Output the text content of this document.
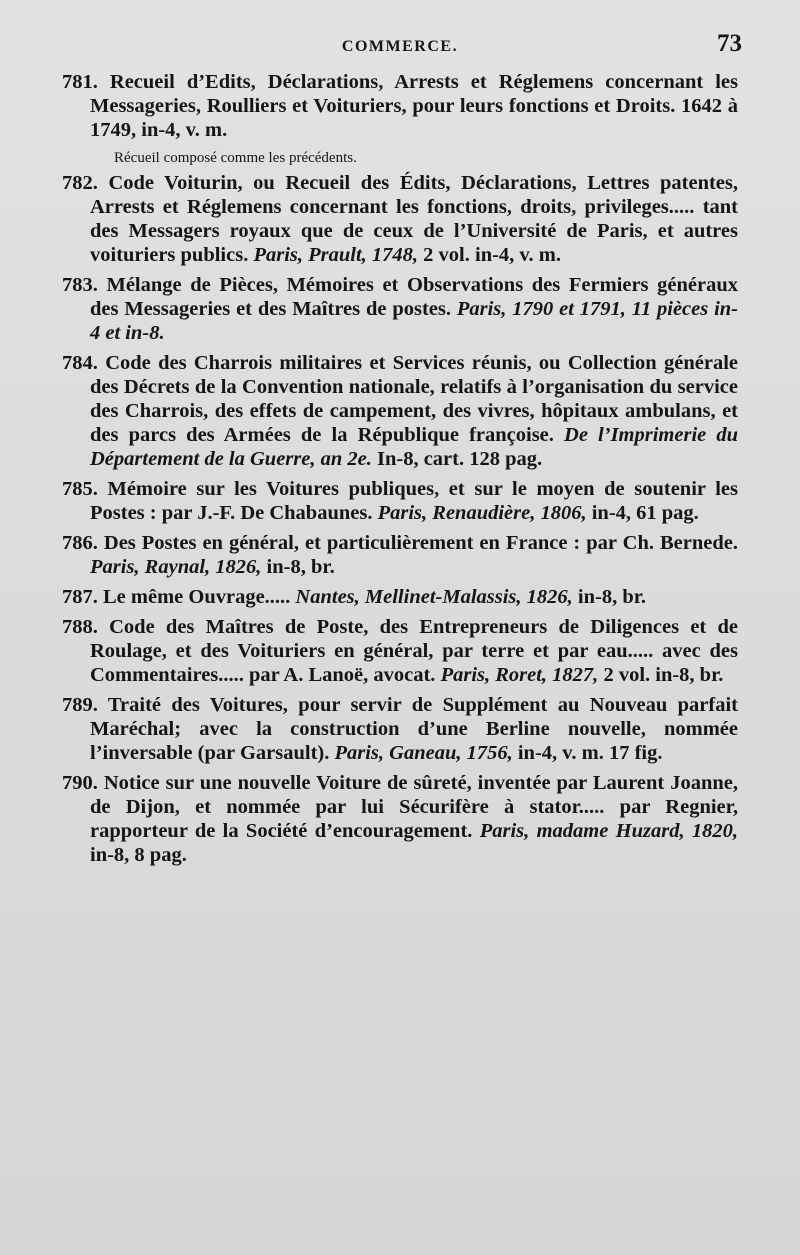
COMMERCE.	73
781. Recueil d’Edits, Déclarations, Arrests et Réglemens concernant les Messageries, Roulliers et Voituriers, pour leurs fonctions et Droits. 1642 à 1749, in-4, v. m.
Récueil composé comme les précédents.
782. Code Voiturin, ou Recueil des Édits, Déclarations, Lettres patentes, Arrests et Réglemens concernant les fonctions, droits, privileges..... tant des Messagers royaux que de ceux de l’Université de Paris, et autres voituriers publics. Paris, Prault, 1748, 2 vol. in-4, v. m.
783. Mélange de Pièces, Mémoires et Observations des Fermiers généraux des Messageries et des Maîtres de postes. Paris, 1790 et 1791, 11 pièces in-4 et in-8.
784. Code des Charrois militaires et Services réunis, ou Collection générale des Décrets de la Convention nationale, relatifs à l’organisation du service des Charrois, des effets de campement, des vivres, hôpitaux ambulans, et des parcs des Armées de la République françoise. De l’Imprimerie du Département de la Guerre, an 2e. In-8, cart. 128 pag.
785. Mémoire sur les Voitures publiques, et sur le moyen de soutenir les Postes : par J.-F. De Chabaunes. Paris, Renaudière, 1806, in-4, 61 pag.
786. Des Postes en général, et particulièrement en France : par Ch. Bernede. Paris, Raynal, 1826, in-8, br.
787. Le même Ouvrage..... Nantes, Mellinet-Malassis, 1826, in-8, br.
788. Code des Maîtres de Poste, des Entrepreneurs de Diligences et de Roulage, et des Voituriers en général, par terre et par eau..... avec des Commentaires..... par A. Lanoë, avocat. Paris, Roret, 1827, 2 vol. in-8, br.
789. Traité des Voitures, pour servir de Supplément au Nouveau parfait Maréchal; avec la construction d’une Berline nouvelle, nommée l’inversable (par Garsault). Paris, Ganeau, 1756, in-4, v. m. 17 fig.
790. Notice sur une nouvelle Voiture de sûreté, inventée par Laurent Joanne, de Dijon, et nommée par lui Sécurifère à stator..... par Regnier, rapporteur de la Société d’encouragement. Paris, madame Huzard, 1820, in-8, 8 pag.
